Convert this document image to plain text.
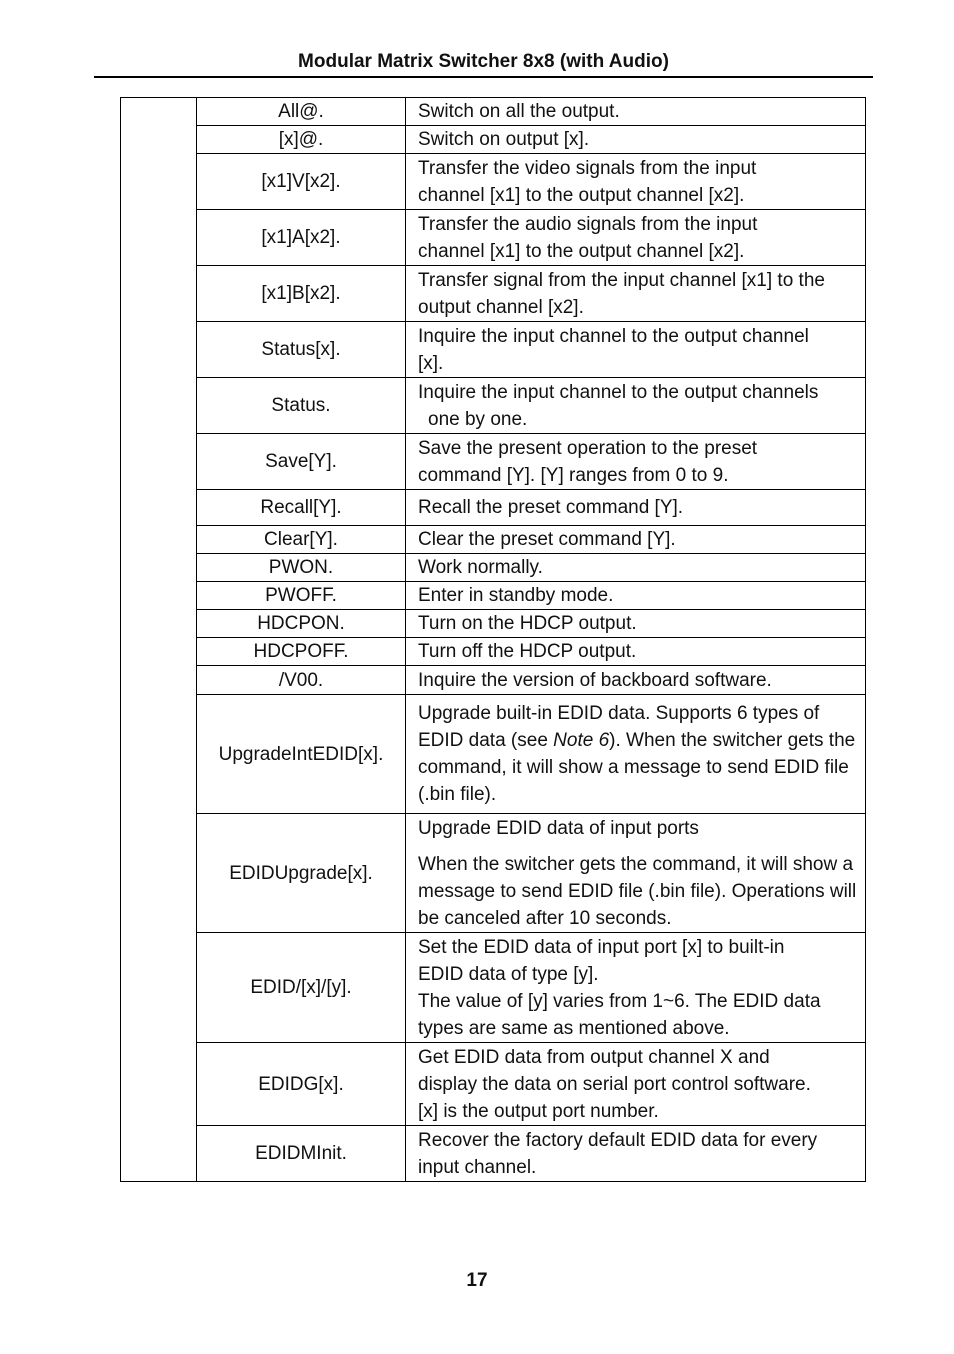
Modular Matrix Switcher 8x8 (with Audio)
	All@.	Switch on all the output.
	[x]@.	Switch on output [x].
	[x1]V[x2].	Transfer the video signals from the input
channel [x1] to the output channel [x2].
	[x1]A[x2].	Transfer the audio signals from the input
channel [x1] to the output channel [x2].
	[x1]B[x2].	Transfer signal from the input channel [x1] to the
output channel [x2].
	Status[x].	Inquire the input channel to the output channel
[x].
	Status.	Inquire the input channel to the output channels
one by one.
	Save[Y].	Save the present operation to the preset
command [Y]. [Y] ranges from 0 to 9.
	Recall[Y].	Recall the preset command [Y].
	Clear[Y].	Clear the preset command [Y].
	PWON.	Work normally.
	PWOFF.	Enter in standby mode.
	HDCPON.	Turn on the HDCP output.
	HDCPOFF.	Turn off the HDCP output.
	/V00.	Inquire the version of backboard software.
	UpgradeIntEDID[x].	Upgrade built-in EDID data. Supports 6 types of EDID data (see Note 6). When the switcher gets the command, it will show a message to send EDID file (.bin file).
	EDIDUpgrade[x].	Upgrade EDID data of input ports

When the switcher gets the command, it will show a message to send EDID file (.bin file). Operations will be canceled after 10 seconds.

	EDID/[x]/[y].	Set the EDID data of input port [x] to built-in
EDID data of type [y].
The value of [y] varies from 1~6. The EDID data
types are same as mentioned above.
	EDIDG[x].	Get EDID data from output channel X and
display the data on serial port control software.
[x] is the output port number.
	EDIDMInit.	Recover the factory default EDID data for every
input channel.
17
